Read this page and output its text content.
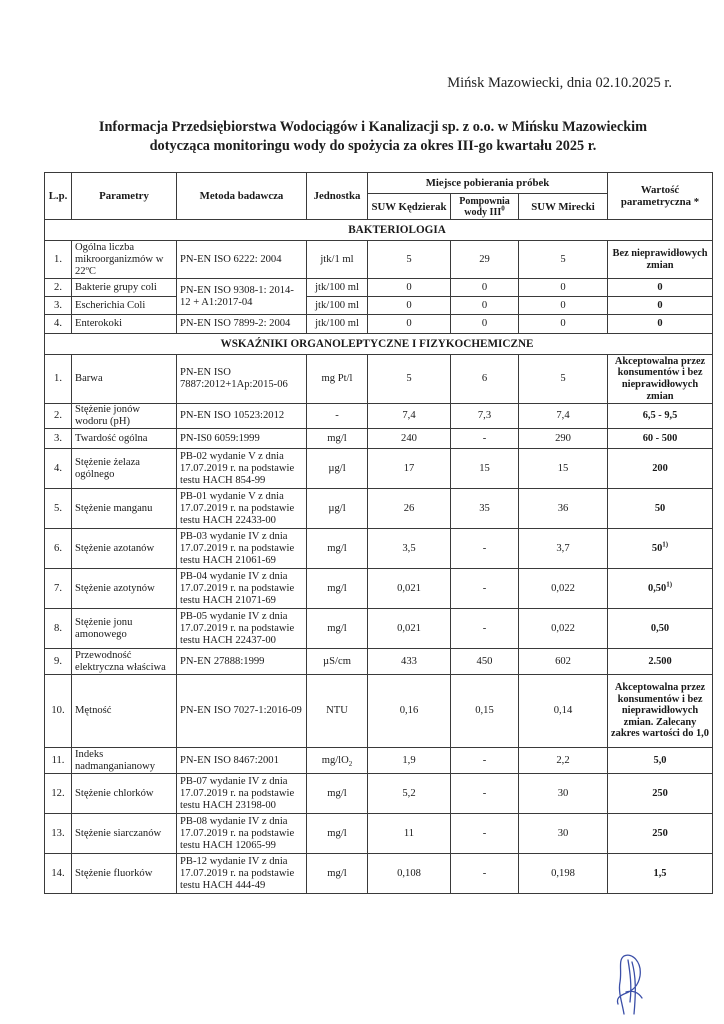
Mińsk Mazowiecki, dnia 02.10.2025 r.
Informacja Przedsiębiorstwa Wodociągów i Kanalizacji sp. z o.o. w Mińsku Mazowieckim
dotycząca monitoringu wody do spożycia za okres III-go kwartału 2025 r.
L.p.	Parametry	Metoda badawcza	Jednostka	Miejsce pobierania próbek			Wartość parametryczna *
				SUW Kędzierak	Pompownia wody III$^0$	SUW Mirecki	
BAKTERIOLOGIA							
1.	Ogólna liczba mikroorganizmów w 22ºC	PN-EN ISO 6222: 2004	jtk/1 ml	5	29	5	Bez nieprawidłowych zmian
2.	Bakterie grupy coli	PN-EN ISO 9308-1: 2014-12 + A1:2017-04	jtk/100 ml	0	0	0	0
3.	Escherichia Coli		jtk/100 ml	0	0	0	0
4.	Enterokoki	PN-EN ISO 7899-2: 2004	jtk/100 ml	0	0	0	0
WSKAŹNIKI ORGANOLEPTYCZNE I FIZYKOCHEMICZNE							
1.	Barwa	PN-EN ISO 7887:2012+1Ap:2015-06	mg Pt/l	5	6	5	Akceptowalna przez konsumentów i bez nieprawidłowych zmian
2.	Stężenie jonów wodoru (pH)	PN-EN ISO 10523:2012	-	7,4	7,3	7,4	6,5 - 9,5
3.	Twardość ogólna	PN-IS0 6059:1999	mg/l	240	-	290	60 - 500
4.	Stężenie żelaza ogólnego	PB-02 wydanie V z dnia 17.07.2019 r. na podstawie testu HACH 854-99	µg/l	17	15	15	200
5.	Stężenie manganu	PB-01 wydanie V z dnia 17.07.2019 r. na podstawie testu HACH 22433-00	µg/l	26	35	36	50
6.	Stężenie azotanów	PB-03 wydanie IV z dnia 17.07.2019 r. na podstawie testu HACH 21061-69	mg/l	3,5	-	3,7	50$^{1)}$
7.	Stężenie azotynów	PB-04 wydanie IV z dnia 17.07.2019 r. na podstawie testu HACH 21071-69	mg/l	0,021	-	0,022	0,50$^{1)}$
8.	Stężenie jonu amonowego	PB-05 wydanie IV z dnia 17.07.2019 r. na podstawie testu HACH 22437-00	mg/l	0,021	-	0,022	0,50
9.	Przewodność elektryczna właściwa	PN-EN 27888:1999	µS/cm	433	450	602	2.500
10.	Mętność	PN-EN ISO 7027-1:2016-09	NTU	0,16	0,15	0,14	Akceptowalna przez konsumentów i bez nieprawidłowych zmian. Zalecany zakres wartości do 1,0
11.	Indeks nadmanganianowy	PN-EN ISO 8467:2001	$mg/lO_2$	1,9	-	2,2	5,0
12.	Stężenie chlorków	PB-07 wydanie IV z dnia 17.07.2019 r. na podstawie testu HACH 23198-00	mg/l	5,2	-	30	250
13.	Stężenie siarczanów	PB-08 wydanie IV z dnia 17.07.2019 r. na podstawie testu HACH 12065-99	mg/l	11	-	30	250
14.	Stężenie fluorków	PB-12 wydanie IV z dnia 17.07.2019 r. na podstawie testu HACH 444-49	mg/l	0,108	-	0,198	1,5
